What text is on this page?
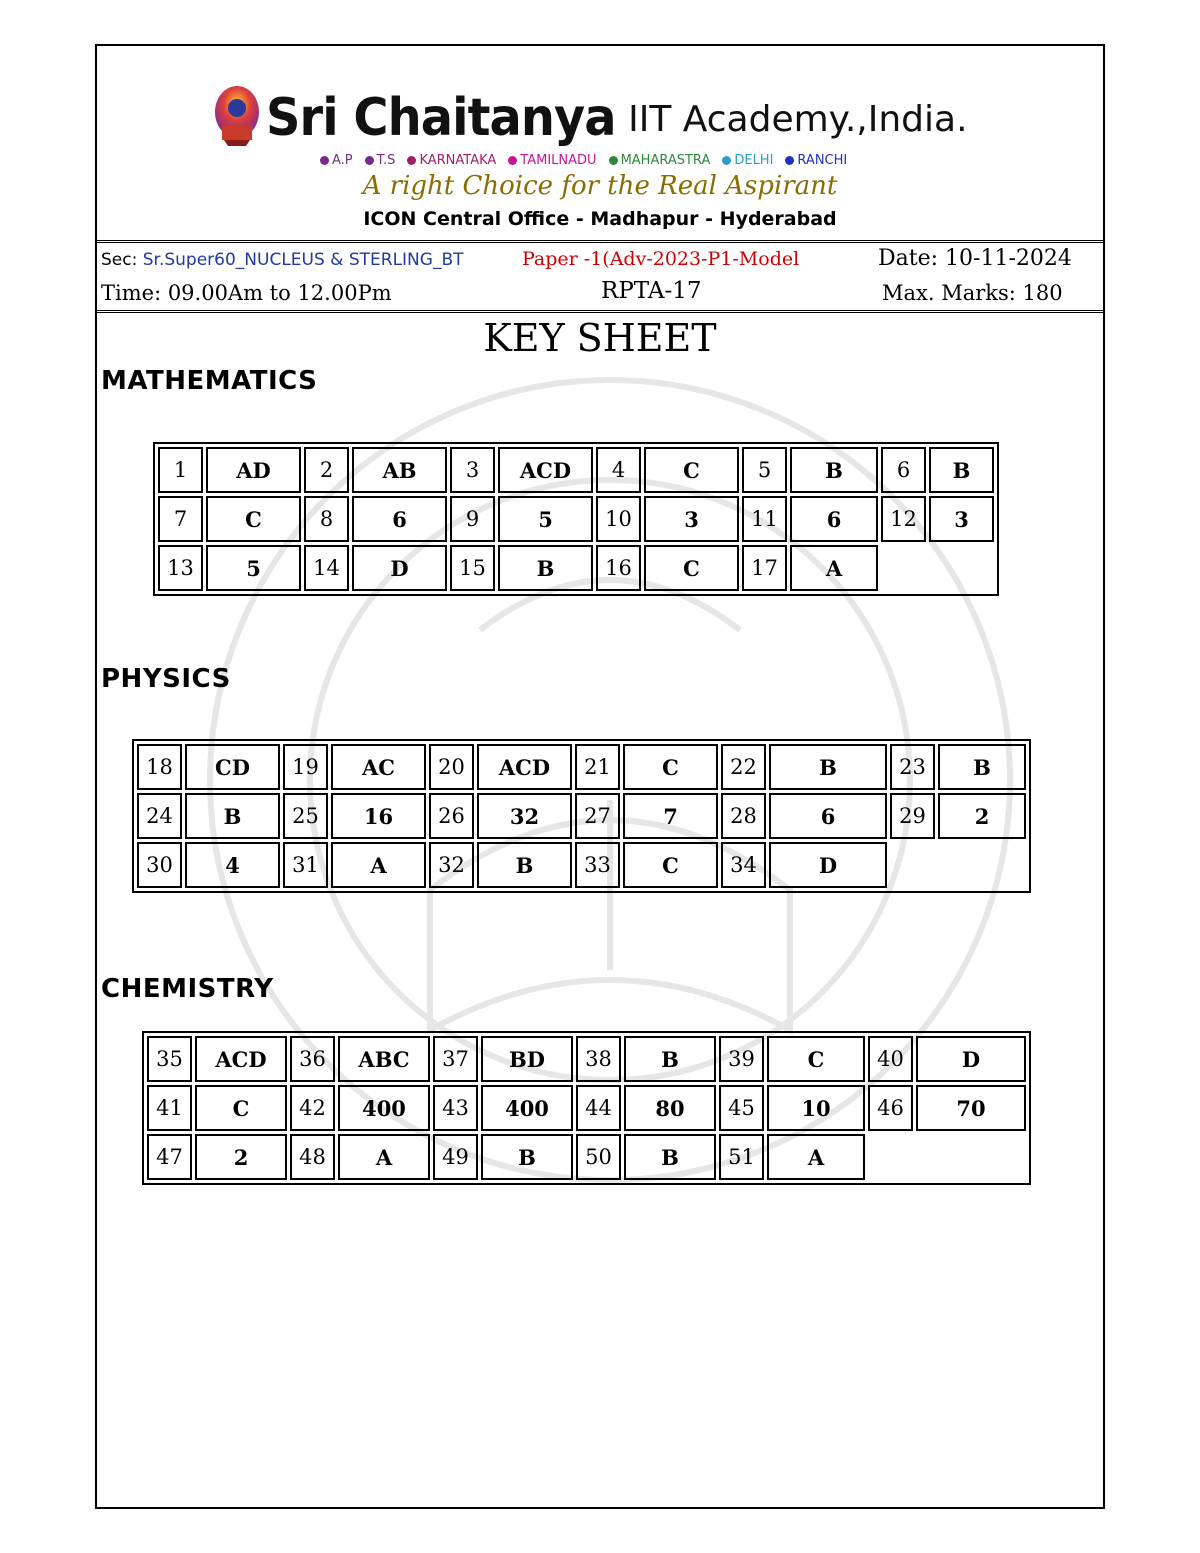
Sri Chaitanya IIT Academy.,India.
A.P T.S KARNATAKA TAMILNADU MAHARASTRA DELHI RANCHI
A right Choice for the Real Aspirant
ICON Central Office - Madhapur - Hyderabad
Sec: Sr.Super60_NUCLEUS & STERLING_BT	Paper -1(Adv-2023-P1-Model	Date: 10-11-2024
Time: 09.00Am to 12.00Pm	RPTA-17	Max. Marks: 180
KEY SHEET
MATHEMATICS
1	AD	2	AB	3	ACD	4	C	5	B	6	B
7	C	8	6	9	5	10	3	11	6	12	3
13	5	14	D	15	B	16	C	17	A		
PHYSICS
18	CD	19	AC	20	ACD	21	C	22	B	23	B
24	B	25	16	26	32	27	7	28	6	29	2
30	4	31	A	32	B	33	C	34	D		
CHEMISTRY
35	ACD	36	ABC	37	BD	38	B	39	C	40	D
41	C	42	400	43	400	44	80	45	10	46	70
47	2	48	A	49	B	50	B	51	A		
